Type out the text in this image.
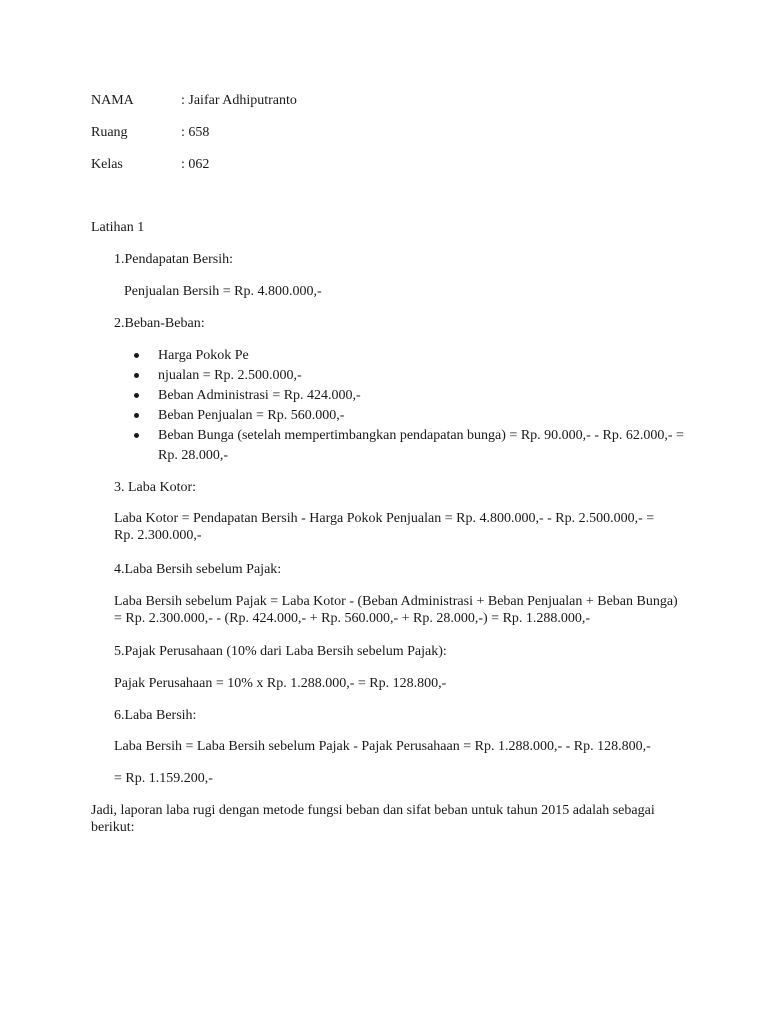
NAMA	: Jaifar Adhiputranto
Ruang	: 658
Kelas	: 062
Latihan 1
1.Pendapatan Bersih:
Penjualan Bersih = Rp. 4.800.000,-
2.Beban-Beban:
Harga Pokok Pe
njualan = Rp. 2.500.000,-
Beban Administrasi = Rp. 424.000,-
Beban Penjualan = Rp. 560.000,-
Beban Bunga (setelah mempertimbangkan pendapatan bunga) = Rp. 90.000,- - Rp. 62.000,- = Rp. 28.000,-
3. Laba Kotor:
Laba Kotor = Pendapatan Bersih - Harga Pokok Penjualan = Rp. 4.800.000,- - Rp. 2.500.000,- = Rp. 2.300.000,-
4.Laba Bersih sebelum Pajak:
Laba Bersih sebelum Pajak = Laba Kotor - (Beban Administrasi + Beban Penjualan + Beban Bunga) = Rp. 2.300.000,- - (Rp. 424.000,- + Rp. 560.000,- + Rp. 28.000,-) = Rp. 1.288.000,-
5.Pajak Perusahaan (10% dari Laba Bersih sebelum Pajak):
Pajak Perusahaan = 10% x Rp. 1.288.000,- = Rp. 128.800,-
6.Laba Bersih:
Laba Bersih = Laba Bersih sebelum Pajak - Pajak Perusahaan = Rp. 1.288.000,- - Rp. 128.800,-
= Rp. 1.159.200,-
Jadi, laporan laba rugi dengan metode fungsi beban dan sifat beban untuk tahun 2015 adalah sebagai berikut:
